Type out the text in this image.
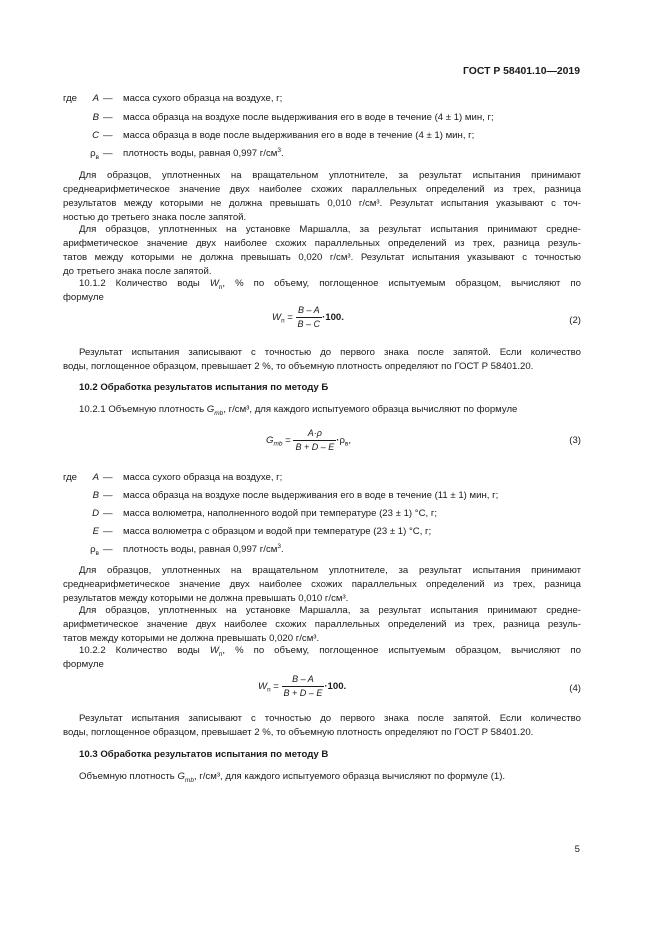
ГОСТ Р 58401.10—2019
где	A — масса сухого образца на воздухе, г;
B — масса образца на воздухе после выдерживания его в воде в течение (4 ± 1) мин, г;
C — масса образца в воде после выдерживания его в воде в течение (4 ± 1) мин, г;
$\rho_в$ — плотность воды, равная 0,997 $г/см^3$.
Для образцов, уплотненных на вращательном уплотнителе, за результат испытания принимают
среднеарифметическое значение двух наиболее схожих параллельных определений из трех, разница
результатов между которыми не должна превышать 0,010 г/см³. Результат испытания указывают с точ-
ностью до третьего знака после запятой.
Для образцов, уплотненных на установке Маршалла, за результат испытания принимают средне-
арифметическое значение двух наиболее схожих параллельных определений из трех, разница резуль-
татов между которыми не должна превышать 0,020 г/см³. Результат испытания указывают с точностью
до третьего знака после запятой.
10.1.2 Количество воды $W_п$, % по объему, поглощенное испытуемым образцом, вычисляют по
формуле
$W_п = \frac{B - A}{B - C} \cdot 100$.	(2)
Результат испытания записывают с точностью до первого знака после запятой. Если количество
воды, поглощенное образцом, превышает 2 %, то объемную плотность определяют по ГОСТ Р 58401.20.
10.2 Обработка результатов испытания по методу Б
10.2.1 Объемную плотность $G_{mb}$, г/см³, для каждого испытуемого образца вычисляют по формуле
$G_{mb} = \frac{A\cdot\rho}{B + D - E} \cdot\rho_в$,	(3)
где	A — масса сухого образца на воздухе, г;
B — масса образца на воздухе после выдерживания его в воде в течение (11 ± 1) мин, г;
D — масса волюметра, наполненного водой при температуре (23 ± 1) °С, г;
E — масса волюметра с образцом и водой при температуре (23 ± 1) °С, г;
$\rho_в$ — плотность воды, равная 0,997 $г/см^3$.
Для образцов, уплотненных на вращательном уплотнителе, за результат испытания принимают
среднеарифметическое значение двух наиболее схожих параллельных определений из трех, разница
результатов между которыми не должна превышать 0,010 г/см³.
Для образцов, уплотненных на установке Маршалла, за результат испытания принимают средне-
арифметическое значение двух наиболее схожих параллельных определений из трех, разница резуль-
татов между которыми не должна превышать 0,020 г/см³.
10.2.2 Количество воды $W_п$, % по объему, поглощенное испытуемым образцом, вычисляют по
формуле
$W_п = \frac{B - A}{B + D - E} \cdot 100$.	(4)
Результат испытания записывают с точностью до первого знака после запятой. Если количество
воды, поглощенное образцом, превышает 2 %, то объемную плотность определяют по ГОСТ Р 58401.20.
10.3 Обработка результатов испытания по методу В
Объемную плотность $G_{mb}$, г/см³, для каждого испытуемого образца вычисляют по формуле (1).
5
